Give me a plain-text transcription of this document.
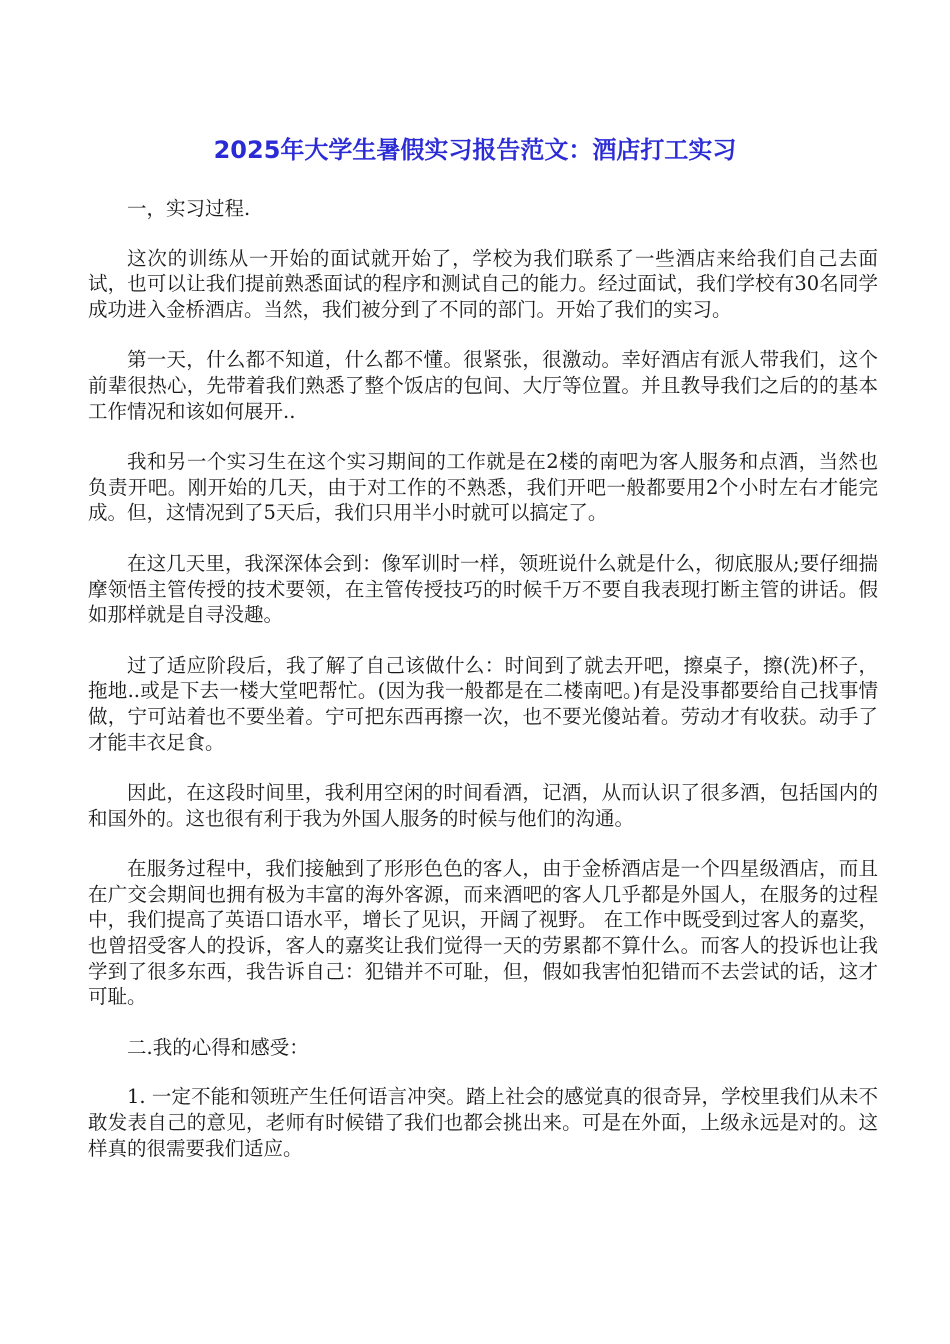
2025年大学生暑假实习报告范文：酒店打工实习

一，实习过程.

这次的训练从一开始的面试就开始了，学校为我们联系了一些酒店来给我们自己去面试，也可以让我们提前熟悉面试的程序和测试自己的能力。经过面试，我们学校有30名同学成功进入金桥酒店。当然，我们被分到了不同的部门。开始了我们的实习。

第一天，什么都不知道，什么都不懂。很紧张，很激动。幸好酒店有派人带我们，这个前辈很热心，先带着我们熟悉了整个饭店的包间、大厅等位置。并且教导我们之后的的基本工作情况和该如何展开..

我和另一个实习生在这个实习期间的工作就是在2楼的南吧为客人服务和点酒，当然也负责开吧。刚开始的几天，由于对工作的不熟悉，我们开吧一般都要用2个小时左右才能完成。但，这情况到了5天后，我们只用半小时就可以搞定了。

在这几天里，我深深体会到：像军训时一样，领班说什么就是什么，彻底服从;要仔细揣摩领悟主管传授的技术要领，在主管传授技巧的时候千万不要自我表现打断主管的讲话。假如那样就是自寻没趣。

过了适应阶段后，我了解了自己该做什么：时间到了就去开吧，擦桌子，擦(洗)杯子，拖地..或是下去一楼大堂吧帮忙。(因为我一般都是在二楼南吧。)有是没事都要给自己找事情做，宁可站着也不要坐着。宁可把东西再擦一次，也不要光傻站着。劳动才有收获。动手了才能丰衣足食。

因此，在这段时间里，我利用空闲的时间看酒，记酒，从而认识了很多酒，包括国内的和国外的。这也很有利于我为外国人服务的时候与他们的沟通。

在服务过程中，我们接触到了形形色色的客人，由于金桥酒店是一个四星级酒店，而且在广交会期间也拥有极为丰富的海外客源，而来酒吧的客人几乎都是外国人，在服务的过程中，我们提高了英语口语水平，增长了见识，开阔了视野。 在工作中既受到过客人的嘉奖，也曾招受客人的投诉，客人的嘉奖让我们觉得一天的劳累都不算什么。而客人的投诉也让我学到了很多东西，我告诉自己：犯错并不可耻，但，假如我害怕犯错而不去尝试的话，这才可耻。

二.我的心得和感受：

1. 一定不能和领班产生任何语言冲突。踏上社会的感觉真的很奇异，学校里我们从未不敢发表自己的意见，老师有时候错了我们也都会挑出来。可是在外面，上级永远是对的。这样真的很需要我们适应。
